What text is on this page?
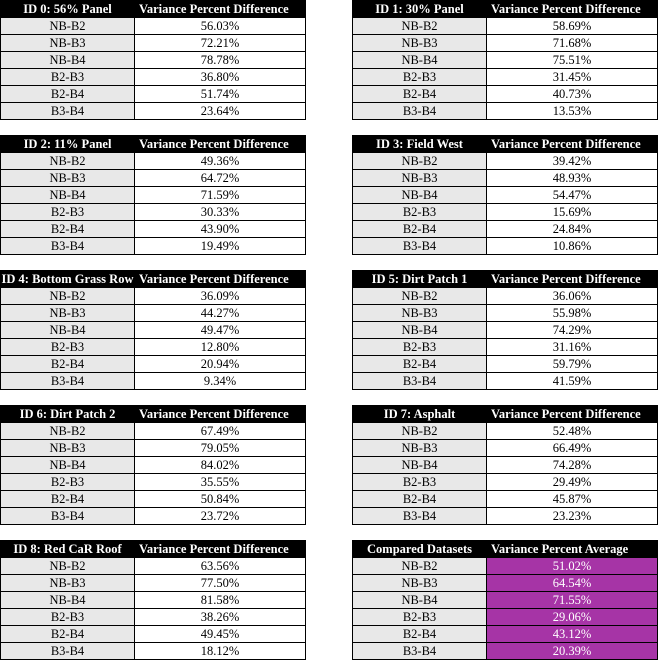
ID 0: 56% Panel	Variance Percent Difference
NB-B2	56.03%
NB-B3	72.21%
NB-B4	78.78%
B2-B3	36.80%
B2-B4	51.74%
B3-B4	23.64%
ID 1: 30% Panel	Variance Percent Difference
NB-B2	58.69%
NB-B3	71.68%
NB-B4	75.51%
B2-B3	31.45%
B2-B4	40.73%
B3-B4	13.53%
ID 2: 11% Panel	Variance Percent Difference
NB-B2	49.36%
NB-B3	64.72%
NB-B4	71.59%
B2-B3	30.33%
B2-B4	43.90%
B3-B4	19.49%
ID 3: Field West	Variance Percent Difference
NB-B2	39.42%
NB-B3	48.93%
NB-B4	54.47%
B2-B3	15.69%
B2-B4	24.84%
B3-B4	10.86%
ID 4: Bottom Grass Row	Variance Percent Difference
NB-B2	36.09%
NB-B3	44.27%
NB-B4	49.47%
B2-B3	12.80%
B2-B4	20.94%
B3-B4	9.34%
ID 5: Dirt Patch 1	Variance Percent Difference
NB-B2	36.06%
NB-B3	55.98%
NB-B4	74.29%
B2-B3	31.16%
B2-B4	59.79%
B3-B4	41.59%
ID 6: Dirt Patch 2	Variance Percent Difference
NB-B2	67.49%
NB-B3	79.05%
NB-B4	84.02%
B2-B3	35.55%
B2-B4	50.84%
B3-B4	23.72%
ID 7: Asphalt	Variance Percent Difference
NB-B2	52.48%
NB-B3	66.49%
NB-B4	74.28%
B2-B3	29.49%
B2-B4	45.87%
B3-B4	23.23%
ID 8: Red CaR Roof	Variance Percent Difference
NB-B2	63.56%
NB-B3	77.50%
NB-B4	81.58%
B2-B3	38.26%
B2-B4	49.45%
B3-B4	18.12%
Compared Datasets	Variance Percent Average
NB-B2	51.02%
NB-B3	64.54%
NB-B4	71.55%
B2-B3	29.06%
B2-B4	43.12%
B3-B4	20.39%
